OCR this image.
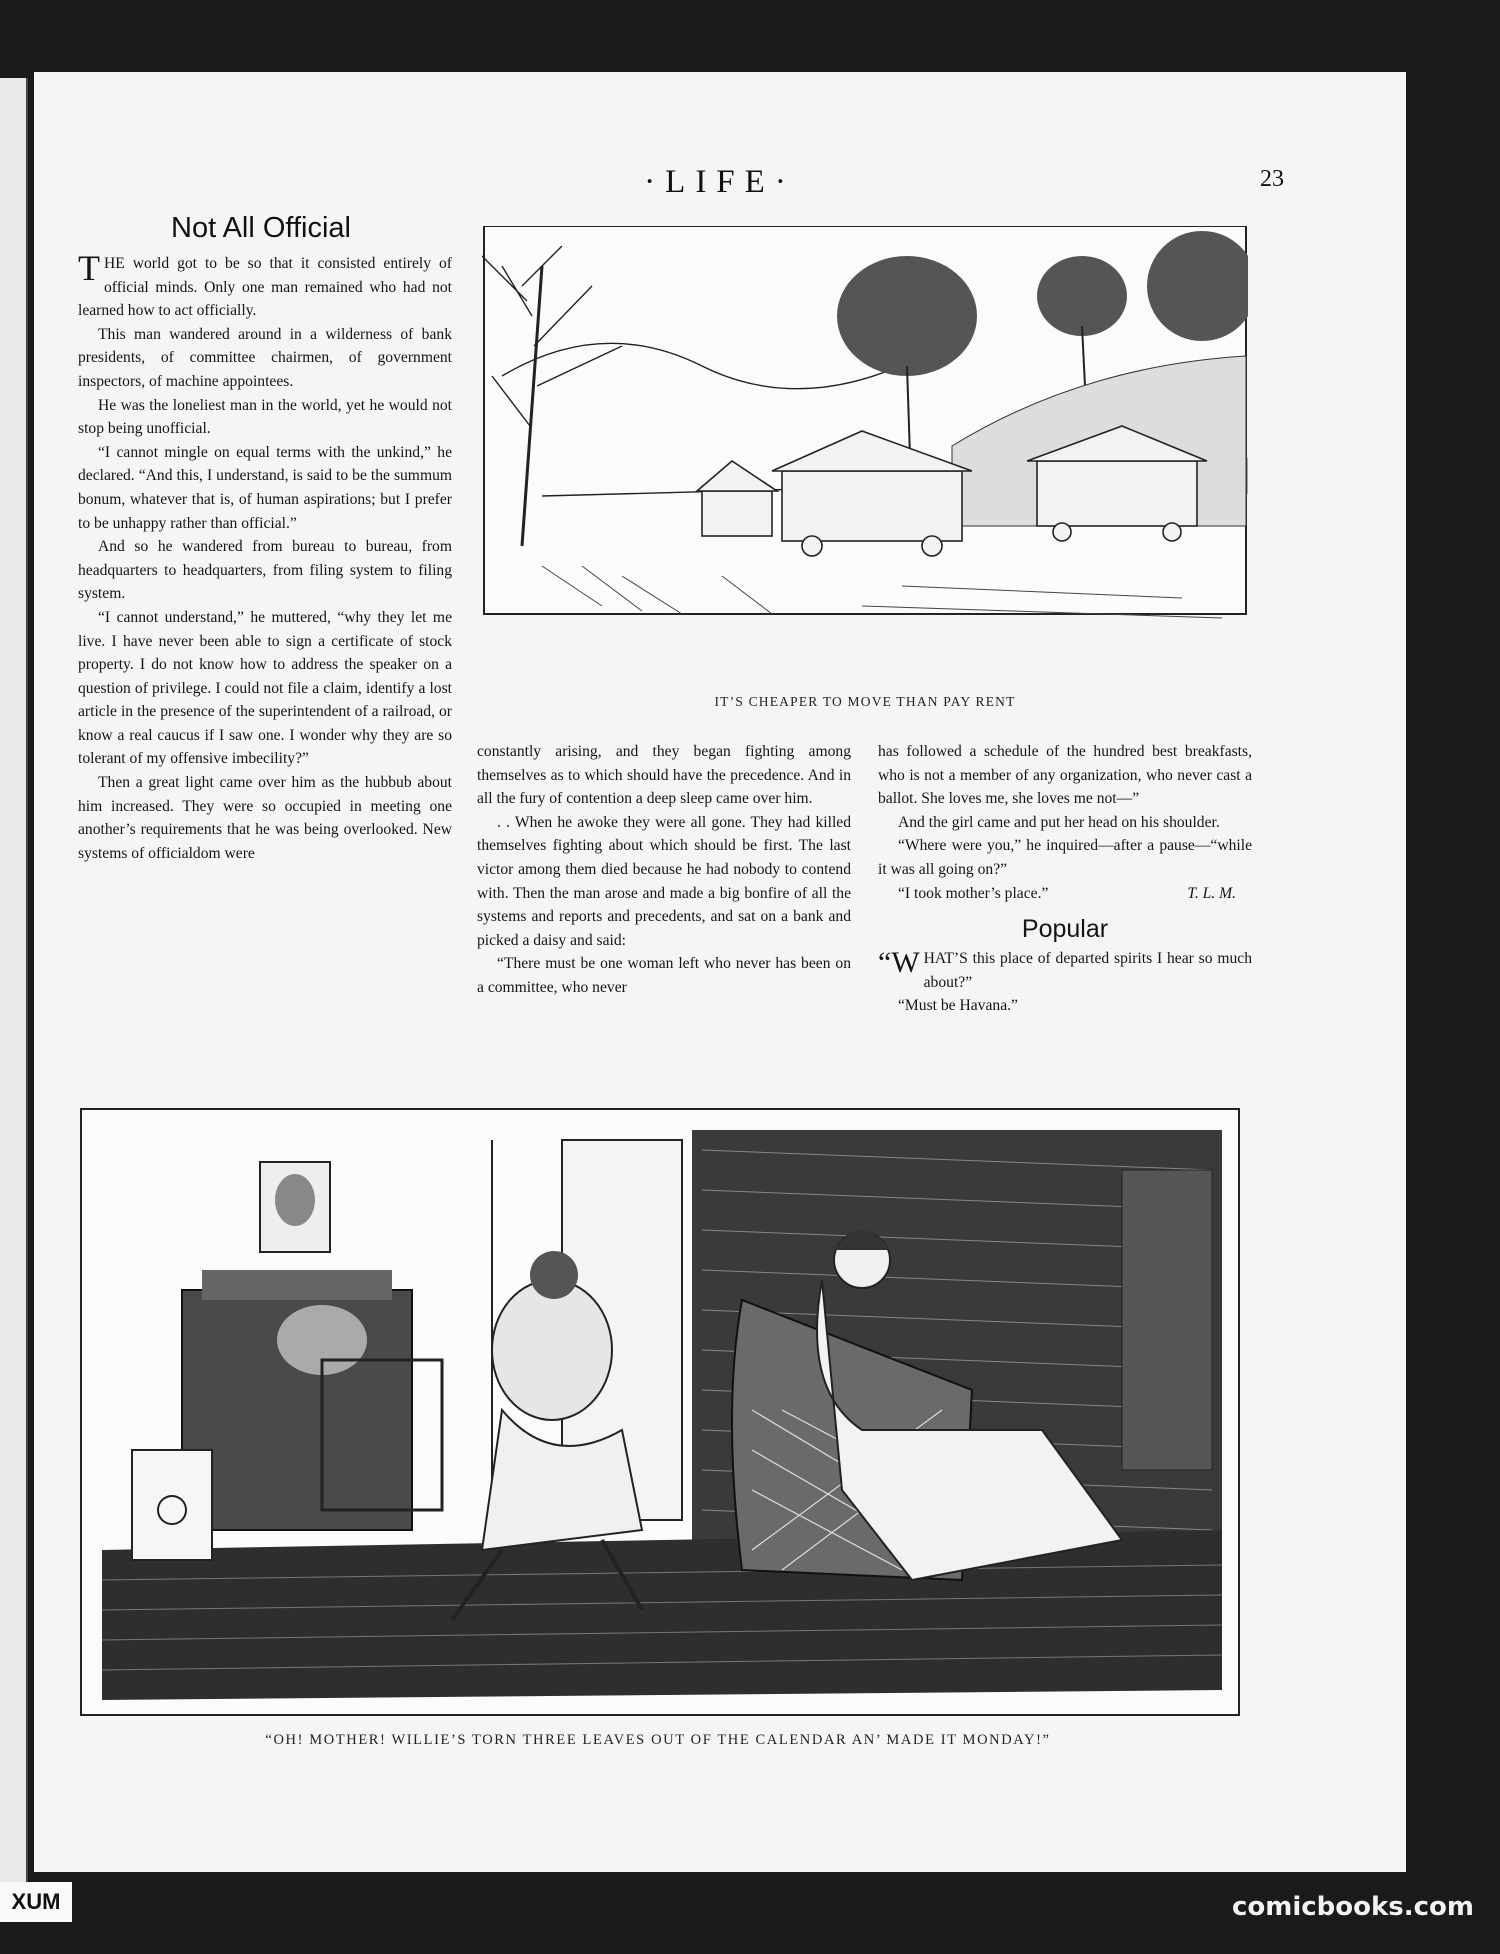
·LIFE·	23
Not All Official

THE world got to be so that it consisted entirely of official minds. Only one man remained who had not learned how to act officially.

This man wandered around in a wilderness of bank presidents, of committee chairmen, of government inspectors, of machine appointees.

He was the loneliest man in the world, yet he would not stop being unofficial.

“I cannot mingle on equal terms with the unkind,” he declared. “And this, I understand, is said to be the summum bonum, whatever that is, of human aspirations; but I prefer to be unhappy rather than official.”

And so he wandered from bureau to bureau, from headquarters to headquarters, from filing system to filing system.

“I cannot understand,” he muttered, “why they let me live. I have never been able to sign a certificate of stock property. I do not know how to address the speaker on a question of privilege. I could not file a claim, identify a lost article in the presence of the superintendent of a railroad, or know a real caucus if I saw one. I wonder why they are so tolerant of my offensive imbecility?”

Then a great light came over him as the hubbub about him increased. They were so occupied in meeting one another’s requirements that he was being overlooked. New systems of officialdom were

IT’S CHEAPER TO MOVE THAN PAY RENT

constantly arising, and they began fighting among themselves as to which should have the precedence. And in all the fury of contention a deep sleep came over him.

. . When he awoke they were all gone. They had killed themselves fighting about which should be first. The last victor among them died because he had nobody to contend with. Then the man arose and made a big bonfire of all the systems and reports and precedents, and sat on a bank and picked a daisy and said:

“There must be one woman left who never has been on a committee, who never

has followed a schedule of the hundred best breakfasts, who is not a member of any organization, who never cast a ballot. She loves me, she loves me not—”

And the girl came and put her head on his shoulder.

“Where were you,” he inquired—after a pause—“while it was all going on?”

“I took mother’s place.”	T. L. M.

Popular

“WHAT’S this place of departed spirits I hear so much about?”

“Must be Havana.”

“OH! MOTHER! WILLIE’S TORN THREE LEAVES OUT OF THE CALENDAR AN’ MADE IT MONDAY!”
XUM	comicbooks.com
